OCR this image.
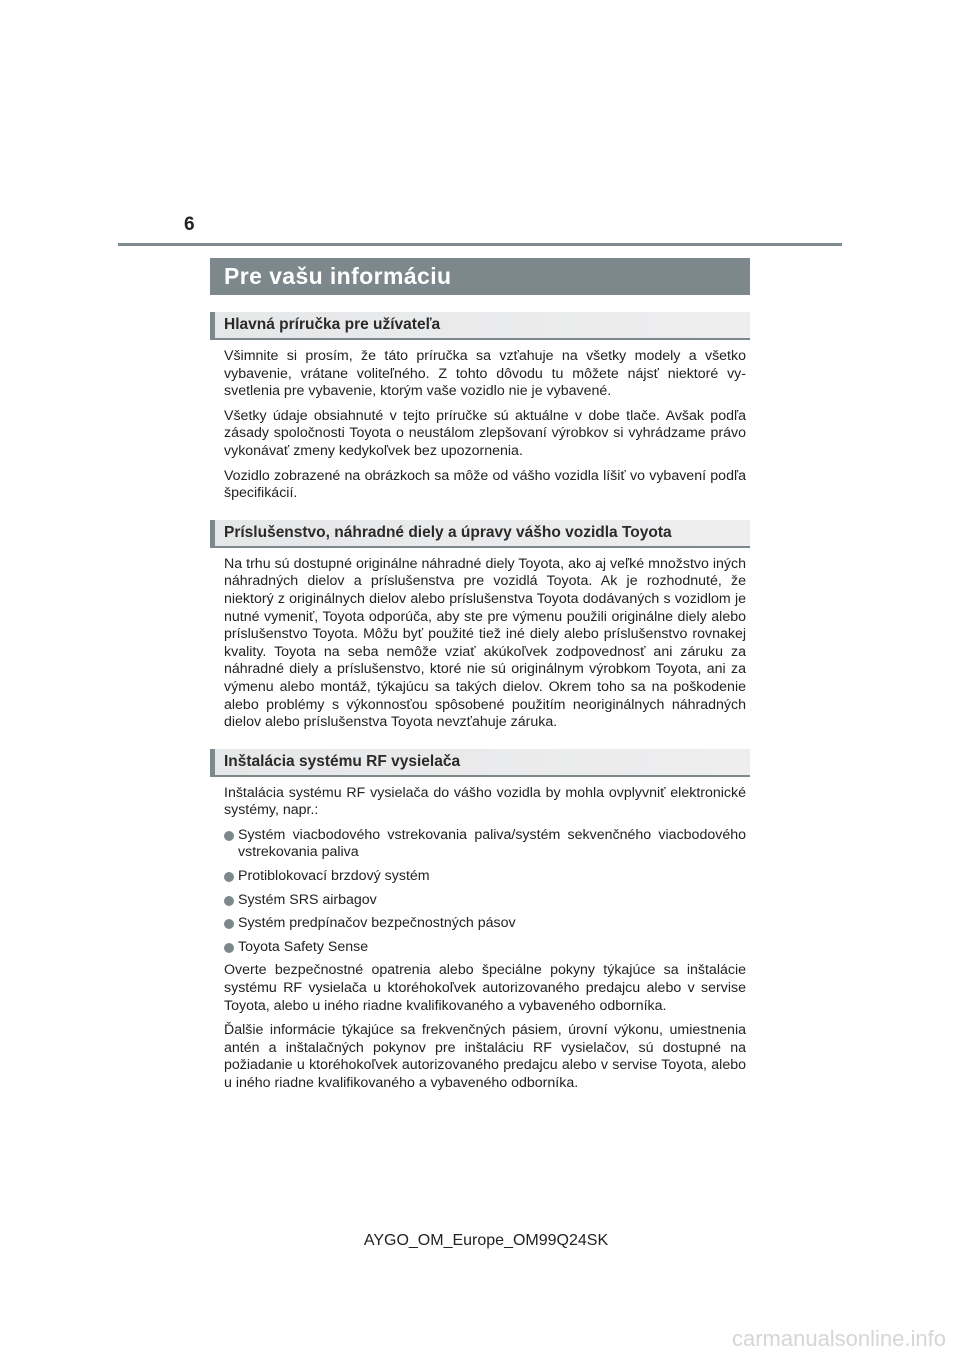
6
Pre vašu informáciu
Hlavná príručka pre užívateľa

Všimnite si prosím, že táto príručka sa vzťahuje na všetky modely a všetko vybavenie, vrátane voliteľného. Z tohto dôvodu tu môžete nájsť niektoré vysvetlenia pre vybavenie, ktorým vaše vozidlo nie je vybavené.

Všetky údaje obsiahnuté v tejto príručke sú aktuálne v dobe tlače. Avšak podľa zásady spoločnosti Toyota o neustálom zlepšovaní výrobkov si vyhrádzame právo vykonávať zmeny kedykoľvek bez upozornenia.

Vozidlo zobrazené na obrázkoch sa môže od vášho vozidla líšiť vo vybavení podľa špecifikácií.

Príslušenstvo, náhradné diely a úpravy vášho vozidla Toyota

Na trhu sú dostupné originálne náhradné diely Toyota, ako aj veľké množstvo iných náhradných dielov a príslušenstva pre vozidlá Toyota. Ak je rozhodnuté, že niektorý z originálnych dielov alebo príslušenstva Toyota dodávaných s vozidlom je nutné vymeniť, Toyota odporúča, aby ste pre výmenu použili originálne diely alebo príslušenstvo Toyota. Môžu byť použité tiež iné diely alebo príslušenstvo rovnakej kvality. Toyota na seba nemôže vziať akúkoľvek zodpovednosť ani záruku za náhradné diely a príslušenstvo, ktoré nie sú originálnym výrobkom Toyota, ani za výmenu alebo montáž, týkajúcu sa takých dielov. Okrem toho sa na poškodenie alebo problémy s výkonnosťou spôsobené použitím neoriginálnych náhradných dielov alebo príslušenstva Toyota nevzťahuje záruka.

Inštalácia systému RF vysielača

Inštalácia systému RF vysielača do vášho vozidla by mohla ovplyvniť elektronické systémy, napr.:

Systém viacbodového vstrekovania paliva/systém sekvenčného viacbodového vstrekovania paliva
Protiblokovací brzdový systém
Systém SRS airbagov
Systém predpínačov bezpečnostných pásov
Toyota Safety Sense

Overte bezpečnostné opatrenia alebo špeciálne pokyny týkajúce sa inštalácie systému RF vysielača u ktoréhokoľvek autorizovaného predajcu alebo v servise Toyota, alebo u iného riadne kvalifikovaného a vybaveného odborníka.

Ďalšie informácie týkajúce sa frekvenčných pásiem, úrovní výkonu, umiestnenia antén a inštalačných pokynov pre inštaláciu RF vysielačov, sú dostupné na požiadanie u ktoréhokoľvek autorizovaného predajcu alebo v servise Toyota, alebo u iného riadne kvalifikovaného a vybaveného odborníka.

AYGO_OM_Europe_OM99Q24SK
carmanualsonline.info
